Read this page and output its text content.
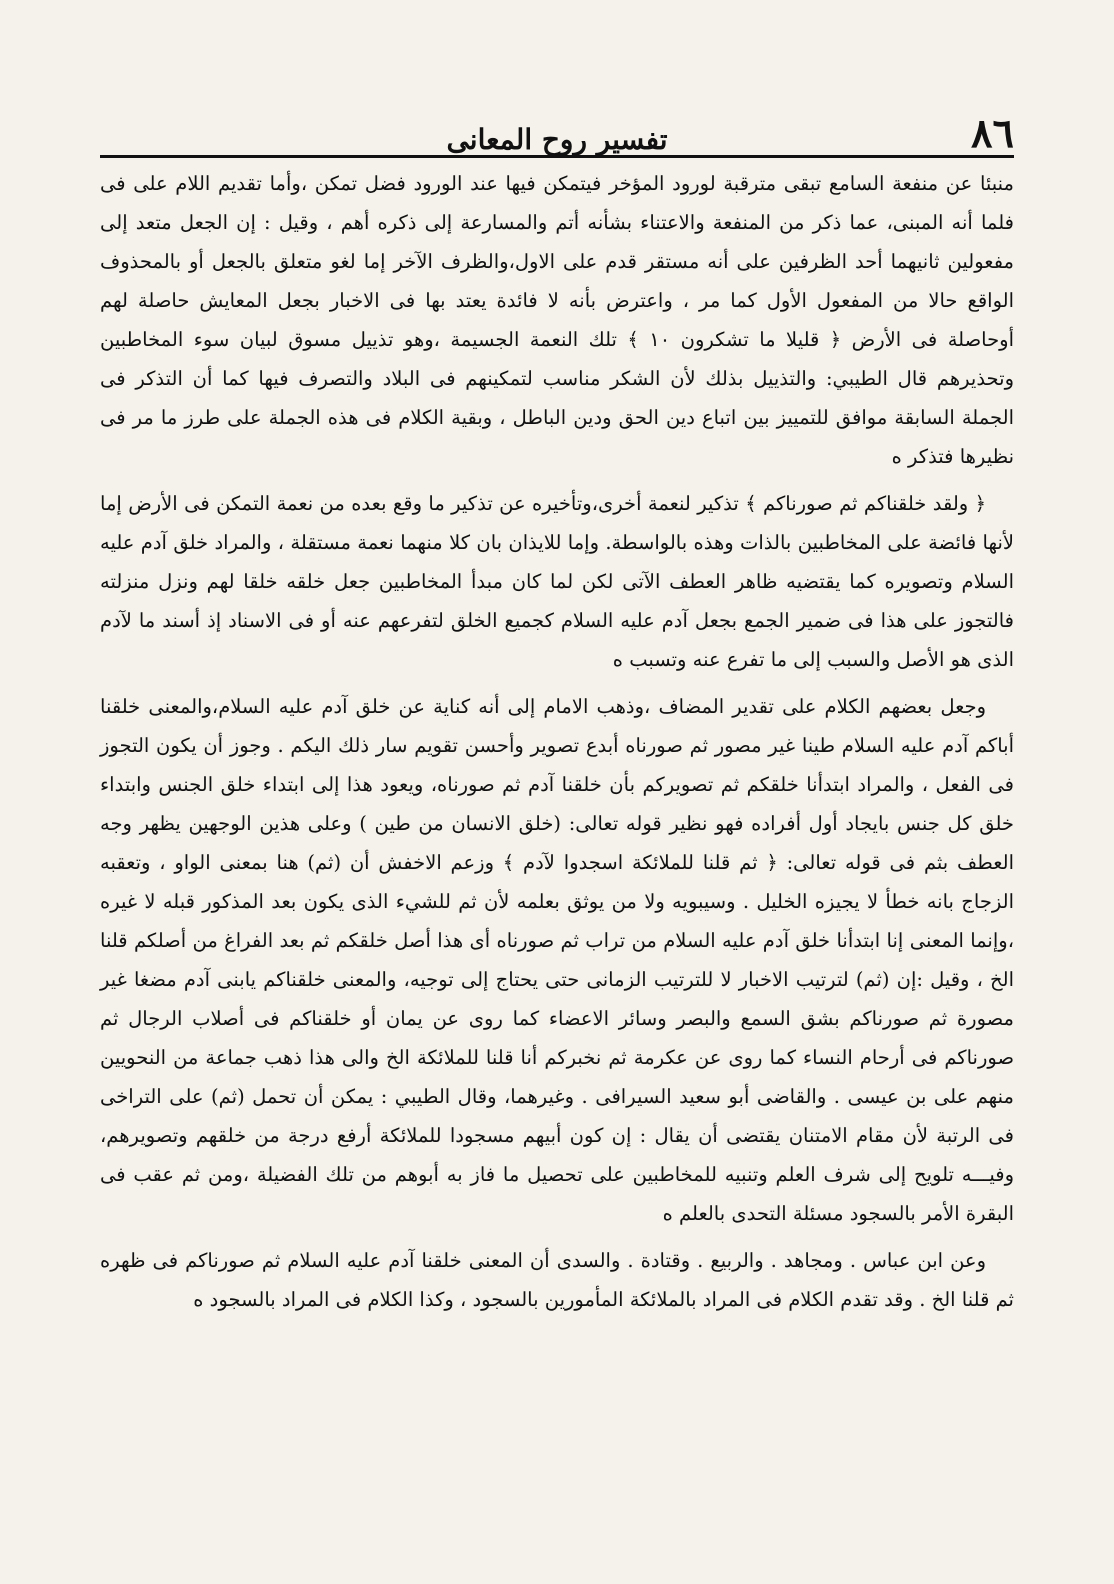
٨٦
تفسير روح المعانى

منبئا عن منفعة السامع تبقى مترقبة لورود المؤخر فيتمكن فيها عند الورود فضل تمكن ،وأما تقديم اللام على فى فلما أنه المبنى، عما ذكر من المنفعة والاعتناء بشأنه أتم والمسارعة إلى ذكره أهم ، وقيل : إن الجعل متعد إلى مفعولين ثانيهما أحد الظرفين على أنه مستقر قدم على الاول،والظرف الآخر إما لغو متعلق بالجعل أو بالمحذوف الواقع حالا من المفعول الأول كما مر ، واعترض بأنه لا فائدة يعتد بها فى الاخبار بجعل المعايش حاصلة لهم أوحاصلة فى الأرض ﴿ قليلا ما تشكرون ١٠ ﴾ تلك النعمة الجسيمة ،وهو تذييل مسوق لبيان سوء المخاطبين وتحذيرهم قال الطيبي: والتذييل بذلك لأن الشكر مناسب لتمكينهم فى البلاد والتصرف فيها كما أن التذكر فى الجملة السابقة موافق للتمييز بين اتباع دين الحق ودين الباطل ، وبقية الكلام فى هذه الجملة على طرز ما مر فى نظيرها فتذكر ه

﴿ ولقد خلقناكم ثم صورناكم ﴾ تذكير لنعمة أخرى،وتأخيره عن تذكير ما وقع بعده من نعمة التمكن فى الأرض إما لأنها فائضة على المخاطبين بالذات وهذه بالواسطة. وإما للايذان بان كلا منهما نعمة مستقلة ، والمراد خلق آدم عليه السلام وتصويره كما يقتضيه ظاهر العطف الآتى لكن لما كان مبدأ المخاطبين جعل خلقه خلقا لهم ونزل منزلته فالتجوز على هذا فى ضمير الجمع بجعل آدم عليه السلام كجميع الخلق لتفرعهم عنه أو فى الاسناد إذ أسند ما لآدم الذى هو الأصل والسبب إلى ما تفرع عنه وتسبب ه

وجعل بعضهم الكلام على تقدير المضاف ،وذهب الامام إلى أنه كناية عن خلق آدم عليه السلام،والمعنى خلقنا أباكم آدم عليه السلام طينا غير مصور ثم صورناه أبدع تصوير وأحسن تقويم سار ذلك اليكم . وجوز أن يكون التجوز فى الفعل ، والمراد ابتدأنا خلقكم ثم تصويركم بأن خلقنا آدم ثم صورناه، ويعود هذا إلى ابتداء خلق الجنس وابتداء خلق كل جنس بايجاد أول أفراده فهو نظير قوله تعالى: (خلق الانسان من طين ) وعلى هذين الوجهين يظهر وجه العطف بثم فى قوله تعالى: ﴿ ثم قلنا للملائكة اسجدوا لآدم ﴾ وزعم الاخفش أن (ثم) هنا بمعنى الواو ، وتعقبه الزجاج بانه خطأ لا يجيزه الخليل . وسيبويه ولا من يوثق بعلمه لأن ثم للشيء الذى يكون بعد المذكور قبله لا غيره ،وإنما المعنى إنا ابتدأنا خلق آدم عليه السلام من تراب ثم صورناه أى هذا أصل خلقكم ثم بعد الفراغ من أصلكم قلنا الخ ، وقيل :إن (ثم) لترتيب الاخبار لا للترتيب الزمانى حتى يحتاج إلى توجيه، والمعنى خلقناكم يابنى آدم مضغا غير مصورة ثم صورناكم بشق السمع والبصر وسائر الاعضاء كما روى عن يمان أو خلقناكم فى أصلاب الرجال ثم صورناكم فى أرحام النساء كما روى عن عكرمة ثم نخبركم أنا قلنا للملائكة الخ والى هذا ذهب جماعة من النحويين منهم على بن عيسى . والقاضى أبو سعيد السيرافى . وغيرهما، وقال الطيبي : يمكن أن تحمل (ثم) على التراخى فى الرتبة لأن مقام الامتنان يقتضى أن يقال : إن كون أبيهم مسجودا للملائكة أرفع درجة من خلقهم وتصويرهم، وفيـــه تلويح إلى شرف العلم وتنبيه للمخاطبين على تحصيل ما فاز به أبوهم من تلك الفضيلة ،ومن ثم عقب فى البقرة الأمر بالسجود مسئلة التحدى بالعلم ه

وعن ابن عباس . ومجاهد . والربيع . وقتادة . والسدى أن المعنى خلقنا آدم عليه السلام ثم صورناكم فى ظهره ثم قلنا الخ . وقد تقدم الكلام فى المراد بالملائكة المأمورين بالسجود ، وكذا الكلام فى المراد بالسجود ه
